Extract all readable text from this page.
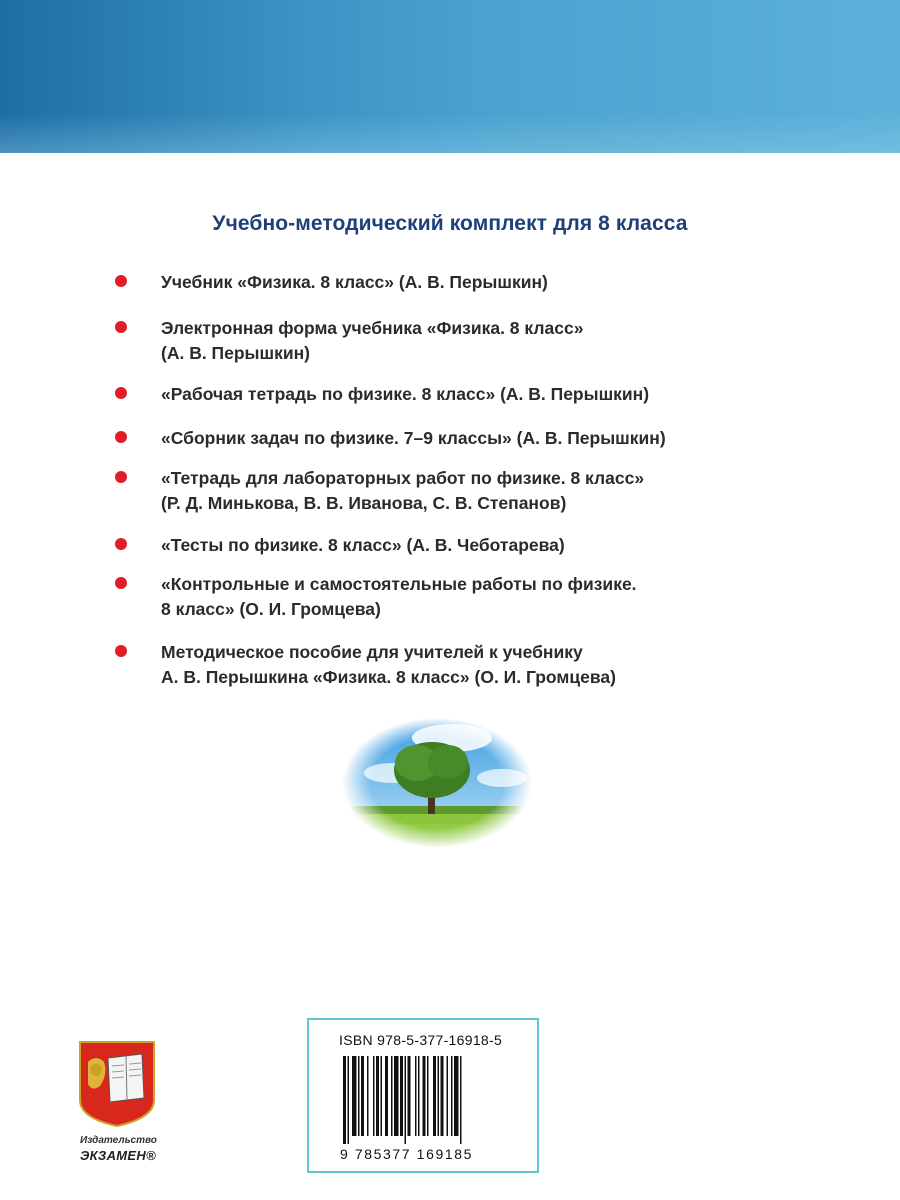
Учебно-методический комплект для 8 класса
Учебник «Физика. 8 класс» (А. В. Перышкин)
Электронная форма учебника «Физика. 8 класс»
(А. В. Перышкин)
«Рабочая тетрадь по физике. 8 класс» (А. В. Перышкин)
«Сборник задач по физике. 7–9 классы» (А. В. Перышкин)
«Тетрадь для лабораторных работ по физике. 8 класс»
(Р. Д. Минькова, В. В. Иванова, С. В. Степанов)
«Тесты по физике. 8 класс» (А. В. Чеботарева)
«Контрольные и самостоятельные работы по физике.
8 класс» (О. И. Громцева)
Методическое пособие для учителей к учебнику
А. В. Перышкина «Физика. 8 класс» (О. И. Громцева)
ISBN 978-5-377-16918-5
9 785377 169185
Издательство
ЭКЗАМЕН®
